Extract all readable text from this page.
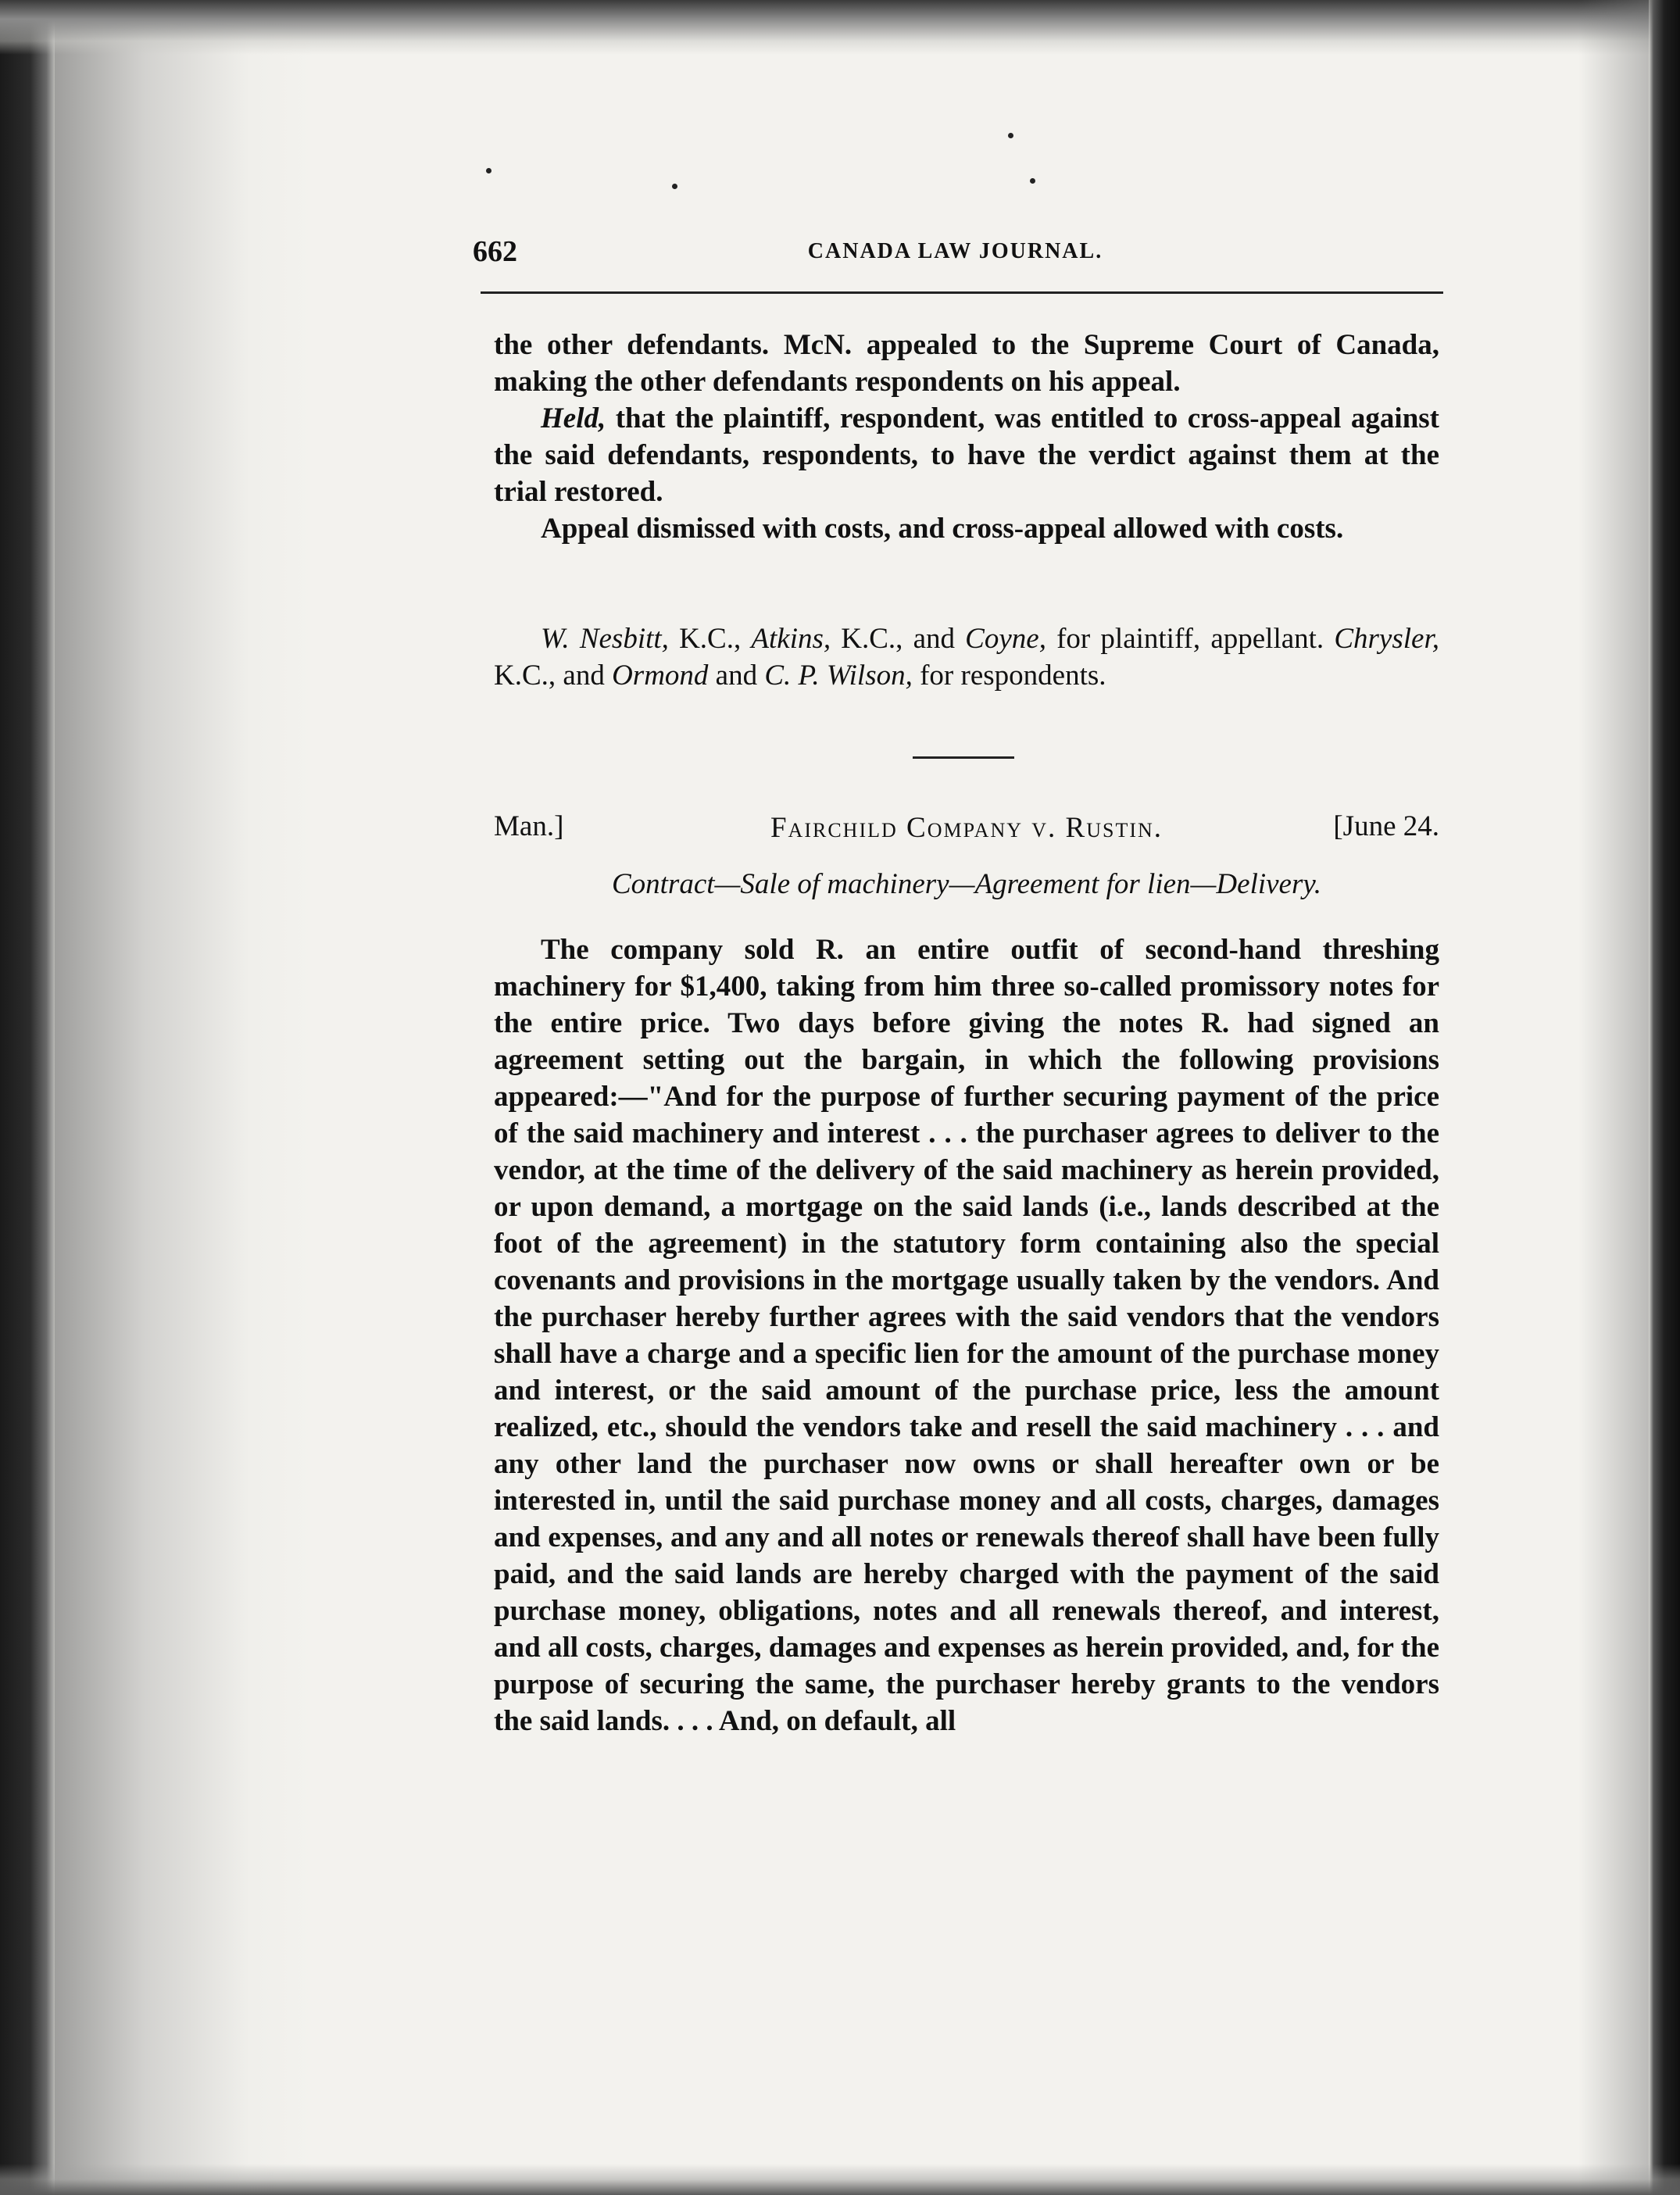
662	CANADA LAW JOURNAL.

the other defendants. McN. appealed to the Supreme Court of Canada, making the other defendants respondents on his appeal.

Held, that the plaintiff, respondent, was entitled to cross-appeal against the said defendants, respondents, to have the verdict against them at the trial restored.

Appeal dismissed with costs, and cross-appeal allowed with costs.

W. Nesbitt, K.C., Atkins, K.C., and Coyne, for plaintiff, appellant. Chrysler, K.C., and Ormond and C. P. Wilson, for respondents.

Man.]	Fairchild Company v. Rustin.	[June 24.
Contract—Sale of machinery—Agreement for lien—Delivery.

The company sold R. an entire outfit of second-hand threshing machinery for $1,400, taking from him three so-called promissory notes for the entire price. Two days before giving the notes R. had signed an agreement setting out the bargain, in which the following provisions appeared:—"And for the purpose of further securing payment of the price of the said machinery and interest . . . the purchaser agrees to deliver to the vendor, at the time of the delivery of the said machinery as herein provided, or upon demand, a mortgage on the said lands (i.e., lands described at the foot of the agreement) in the statutory form containing also the special covenants and provisions in the mortgage usually taken by the vendors. And the purchaser hereby further agrees with the said vendors that the vendors shall have a charge and a specific lien for the amount of the purchase money and interest, or the said amount of the purchase price, less the amount realized, etc., should the vendors take and resell the said machinery . . . and any other land the purchaser now owns or shall hereafter own or be interested in, until the said purchase money and all costs, charges, damages and expenses, and any and all notes or renewals thereof shall have been fully paid, and the said lands are hereby charged with the payment of the said purchase money, obligations, notes and all renewals thereof, and interest, and all costs, charges, damages and expenses as herein provided, and, for the purpose of securing the same, the purchaser hereby grants to the vendors the said lands. . . . And, on default, all
